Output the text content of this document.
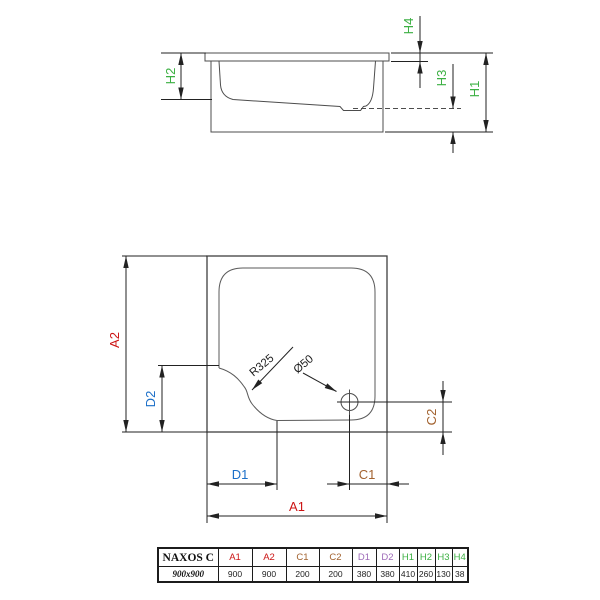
H2
H4
H3
H1
A2
D2
C2
D1	C1
A1
R325 Ø50
NAXOS C	A1	A2	C1	C2	D1	D2	H1	H2	H3	H4
900x900	900	900	200	200	380	380	410	260	130	38
